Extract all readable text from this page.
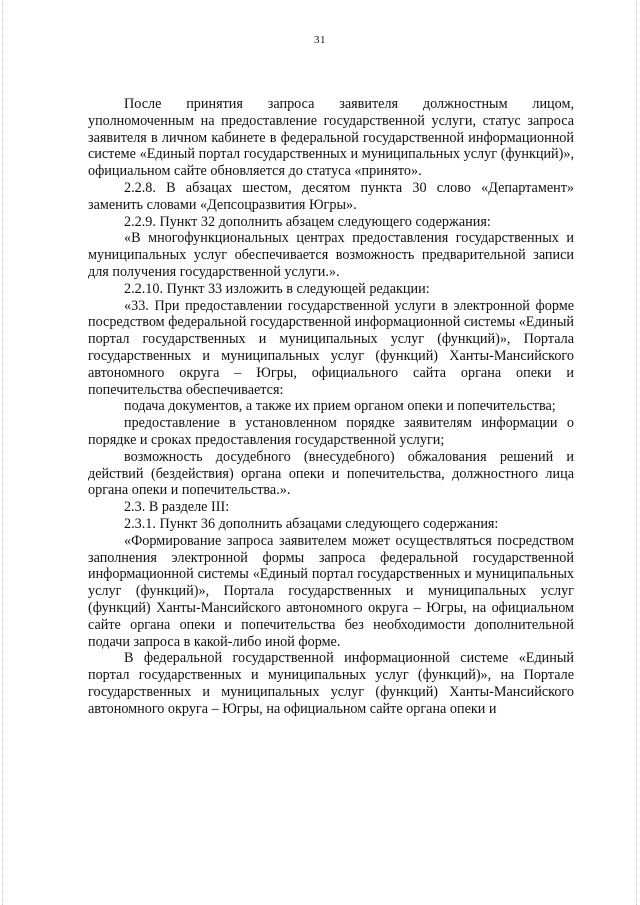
31

После принятия запроса заявителя должностным лицом, уполномоченным на предоставление государственной услуги, статус запроса заявителя в личном кабинете в федеральной государственной информационной системе «Единый портал государственных и муниципальных услуг (функций)», официальном сайте обновляется до статуса «принято».

2.2.8. В абзацах шестом, десятом пункта 30 слово «Департамент» заменить словами «Депсоцразвития Югры».

2.2.9. Пункт 32 дополнить абзацем следующего содержания:

«В многофункциональных центрах предоставления государственных и муниципальных услуг обеспечивается возможность предварительной записи для получения государственной услуги.».

2.2.10. Пункт 33 изложить в следующей редакции:

«33. При предоставлении государственной услуги в электронной форме посредством федеральной государственной информационной системы «Единый портал государственных и муниципальных услуг (функций)», Портала государственных и муниципальных услуг (функций) Ханты-Мансийского автономного округа – Югры, официального сайта органа опеки и попечительства обеспечивается:

подача документов, а также их прием органом опеки и попечительства;

предоставление в установленном порядке заявителям информации о порядке и сроках предоставления государственной услуги;

возможность досудебного (внесудебного) обжалования решений и действий (бездействия) органа опеки и попечительства, должностного лица органа опеки и попечительства.».

2.3. В разделе III:

2.3.1. Пункт 36 дополнить абзацами следующего содержания:

«Формирование запроса заявителем может осуществляться посредством заполнения электронной формы запроса федеральной государственной информационной системы «Единый портал государственных и муниципальных услуг (функций)», Портала государственных и муниципальных услуг (функций) Ханты-Мансийского автономного округа – Югры, на официальном сайте органа опеки и попечительства без необходимости дополнительной подачи запроса в какой-либо иной форме.

В федеральной государственной информационной системе «Единый портал государственных и муниципальных услуг (функций)», на Портале государственных и муниципальных услуг (функций) Ханты-Мансийского автономного округа – Югры, на официальном сайте органа опеки и
